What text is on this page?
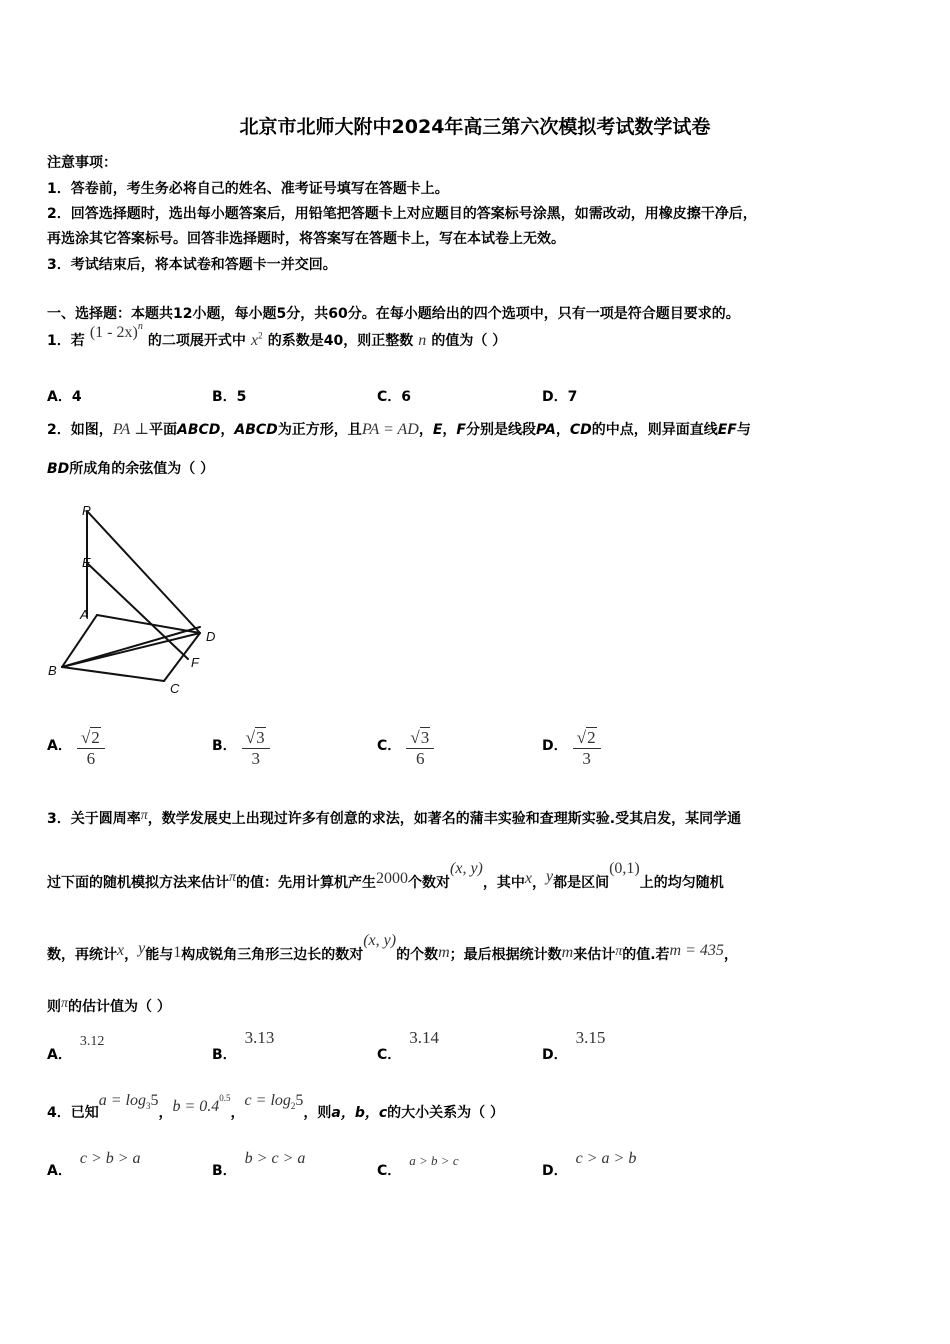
北京市北师大附中2024年高三第六次模拟考试数学试卷
注意事项：
1．答卷前，考生务必将自己的姓名、准考证号填写在答题卡上。
2．回答选择题时，选出每小题答案后，用铅笔把答题卡上对应题目的答案标号涂黑，如需改动，用橡皮擦干净后，
再选涂其它答案标号。回答非选择题时，将答案写在答题卡上，写在本试卷上无效。
3．考试结束后，将本试卷和答题卡一并交回。
一、选择题：本题共12小题，每小题5分，共60分。在每小题给出的四个选项中，只有一项是符合题目要求的。
1．若 (1 - 2x)$^n$ 的二项展开式中 $x^2$ 的系数是40，则正整数 n 的值为（ ）
A．4	B．5	C．6	D．7
2．如图，PA ⊥平面ABCD，ABCD为正方形，且PA = AD，E，F分别是线段PA，CD的中点，则异面直线EF与
BD所成角的余弦值为（ ）
P
E
A
D
B
F
C
A． $\frac{√2}{6}$	B． $\frac{√3}{3}$	C． $\frac{√3}{6}$	D． $\frac{√2}{3}$
3．关于圆周率π，数学发展史上出现过许多有创意的求法，如著名的蒲丰实验和查理斯实验.受其启发，某同学通
过下面的随机模拟方法来估计π的值：先用计算机产生2000个数对(x, y)，其中x，y都是区间(0,1)上的均匀随机
数，再统计x，y能与1构成锐角三角形三边长的数对(x, y)的个数m；最后根据统计数m来估计π的值.若m = 435，
则π的估计值为（ ）
A．3.12
B．3.13
C．3.14
D．3.15
4．已知$a = \log_35$，$b = 0.4^{0.5}$，$c = \log_25$，则a，b，c的大小关系为（ ）
A．c > b > a
B．b > c > a
C．a > b > c
D．c > a > b
